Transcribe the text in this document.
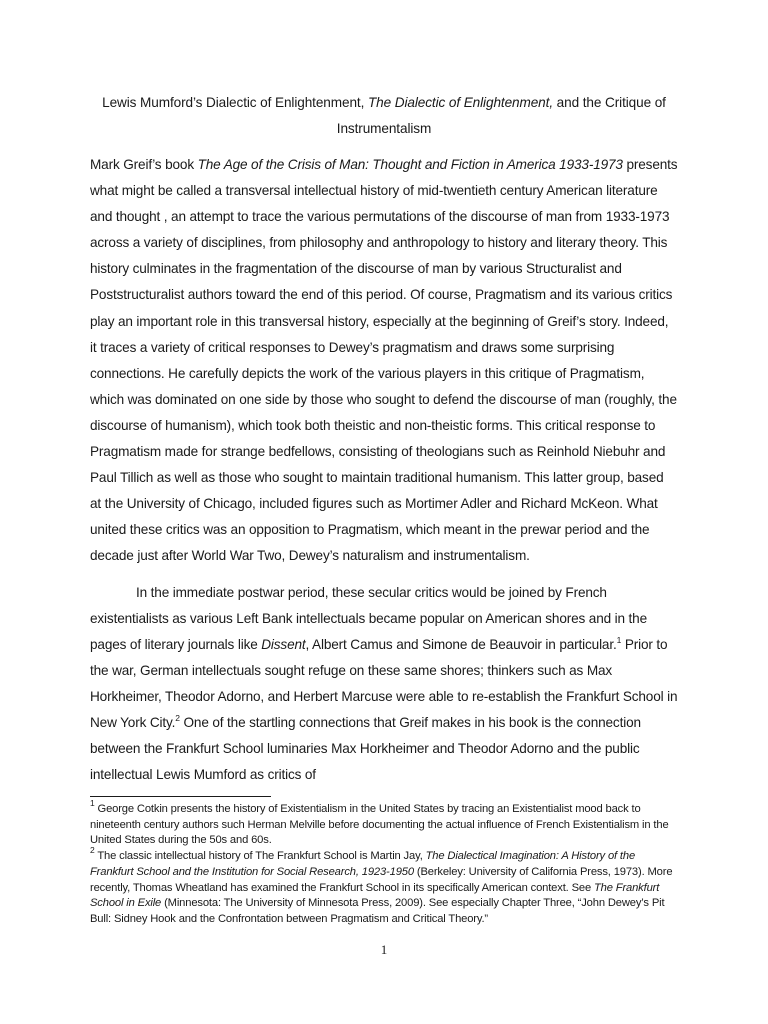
Lewis Mumford’s Dialectic of Enlightenment, The Dialectic of Enlightenment, and the Critique of Instrumentalism

Mark Greif’s book The Age of the Crisis of Man: Thought and Fiction in America 1933-1973 presents what might be called a transversal intellectual history of mid-twentieth century American literature and thought , an attempt to trace the various permutations of the discourse of man from 1933-1973 across a variety of disciplines, from philosophy and anthropology to history and literary theory. This history culminates in the fragmentation of the discourse of man by various Structuralist and Poststructuralist authors toward the end of this period. Of course, Pragmatism and its various critics play an important role in this transversal history, especially at the beginning of Greif’s story. Indeed, it traces a variety of critical responses to Dewey’s pragmatism and draws some surprising connections. He carefully depicts the work of the various players in this critique of Pragmatism, which was dominated on one side by those who sought to defend the discourse of man (roughly, the discourse of humanism), which took both theistic and non-theistic forms. This critical response to Pragmatism made for strange bedfellows, consisting of theologians such as Reinhold Niebuhr and Paul Tillich as well as those who sought to maintain traditional humanism. This latter group, based at the University of Chicago, included figures such as Mortimer Adler and Richard McKeon. What united these critics was an opposition to Pragmatism, which meant in the prewar period and the decade just after World War Two, Dewey’s naturalism and instrumentalism.

In the immediate postwar period, these secular critics would be joined by French existentialists as various Left Bank intellectuals became popular on American shores and in the pages of literary journals like Dissent, Albert Camus and Simone de Beauvoir in particular.$^1$ Prior to the war, German intellectuals sought refuge on these same shores; thinkers such as Max Horkheimer, Theodor Adorno, and Herbert Marcuse were able to re-establish the Frankfurt School in New York City.$^2$ One of the startling connections that Greif makes in his book is the connection between the Frankfurt School luminaries Max Horkheimer and Theodor Adorno and the public intellectual Lewis Mumford as critics of

$^1$ George Cotkin presents the history of Existentialism in the United States by tracing an Existentialist mood back to nineteenth century authors such Herman Melville before documenting the actual influence of French Existentialism in the United States during the 50s and 60s.

$^2$ The classic intellectual history of The Frankfurt School is Martin Jay, The Dialectical Imagination: A History of the Frankfurt School and the Institution for Social Research, 1923-1950 (Berkeley: University of California Press, 1973). More recently, Thomas Wheatland has examined the Frankfurt School in its specifically American context. See The Frankfurt School in Exile (Minnesota: The University of Minnesota Press, 2009). See especially Chapter Three, “John Dewey’s Pit Bull: Sidney Hook and the Confrontation between Pragmatism and Critical Theory.”

1
